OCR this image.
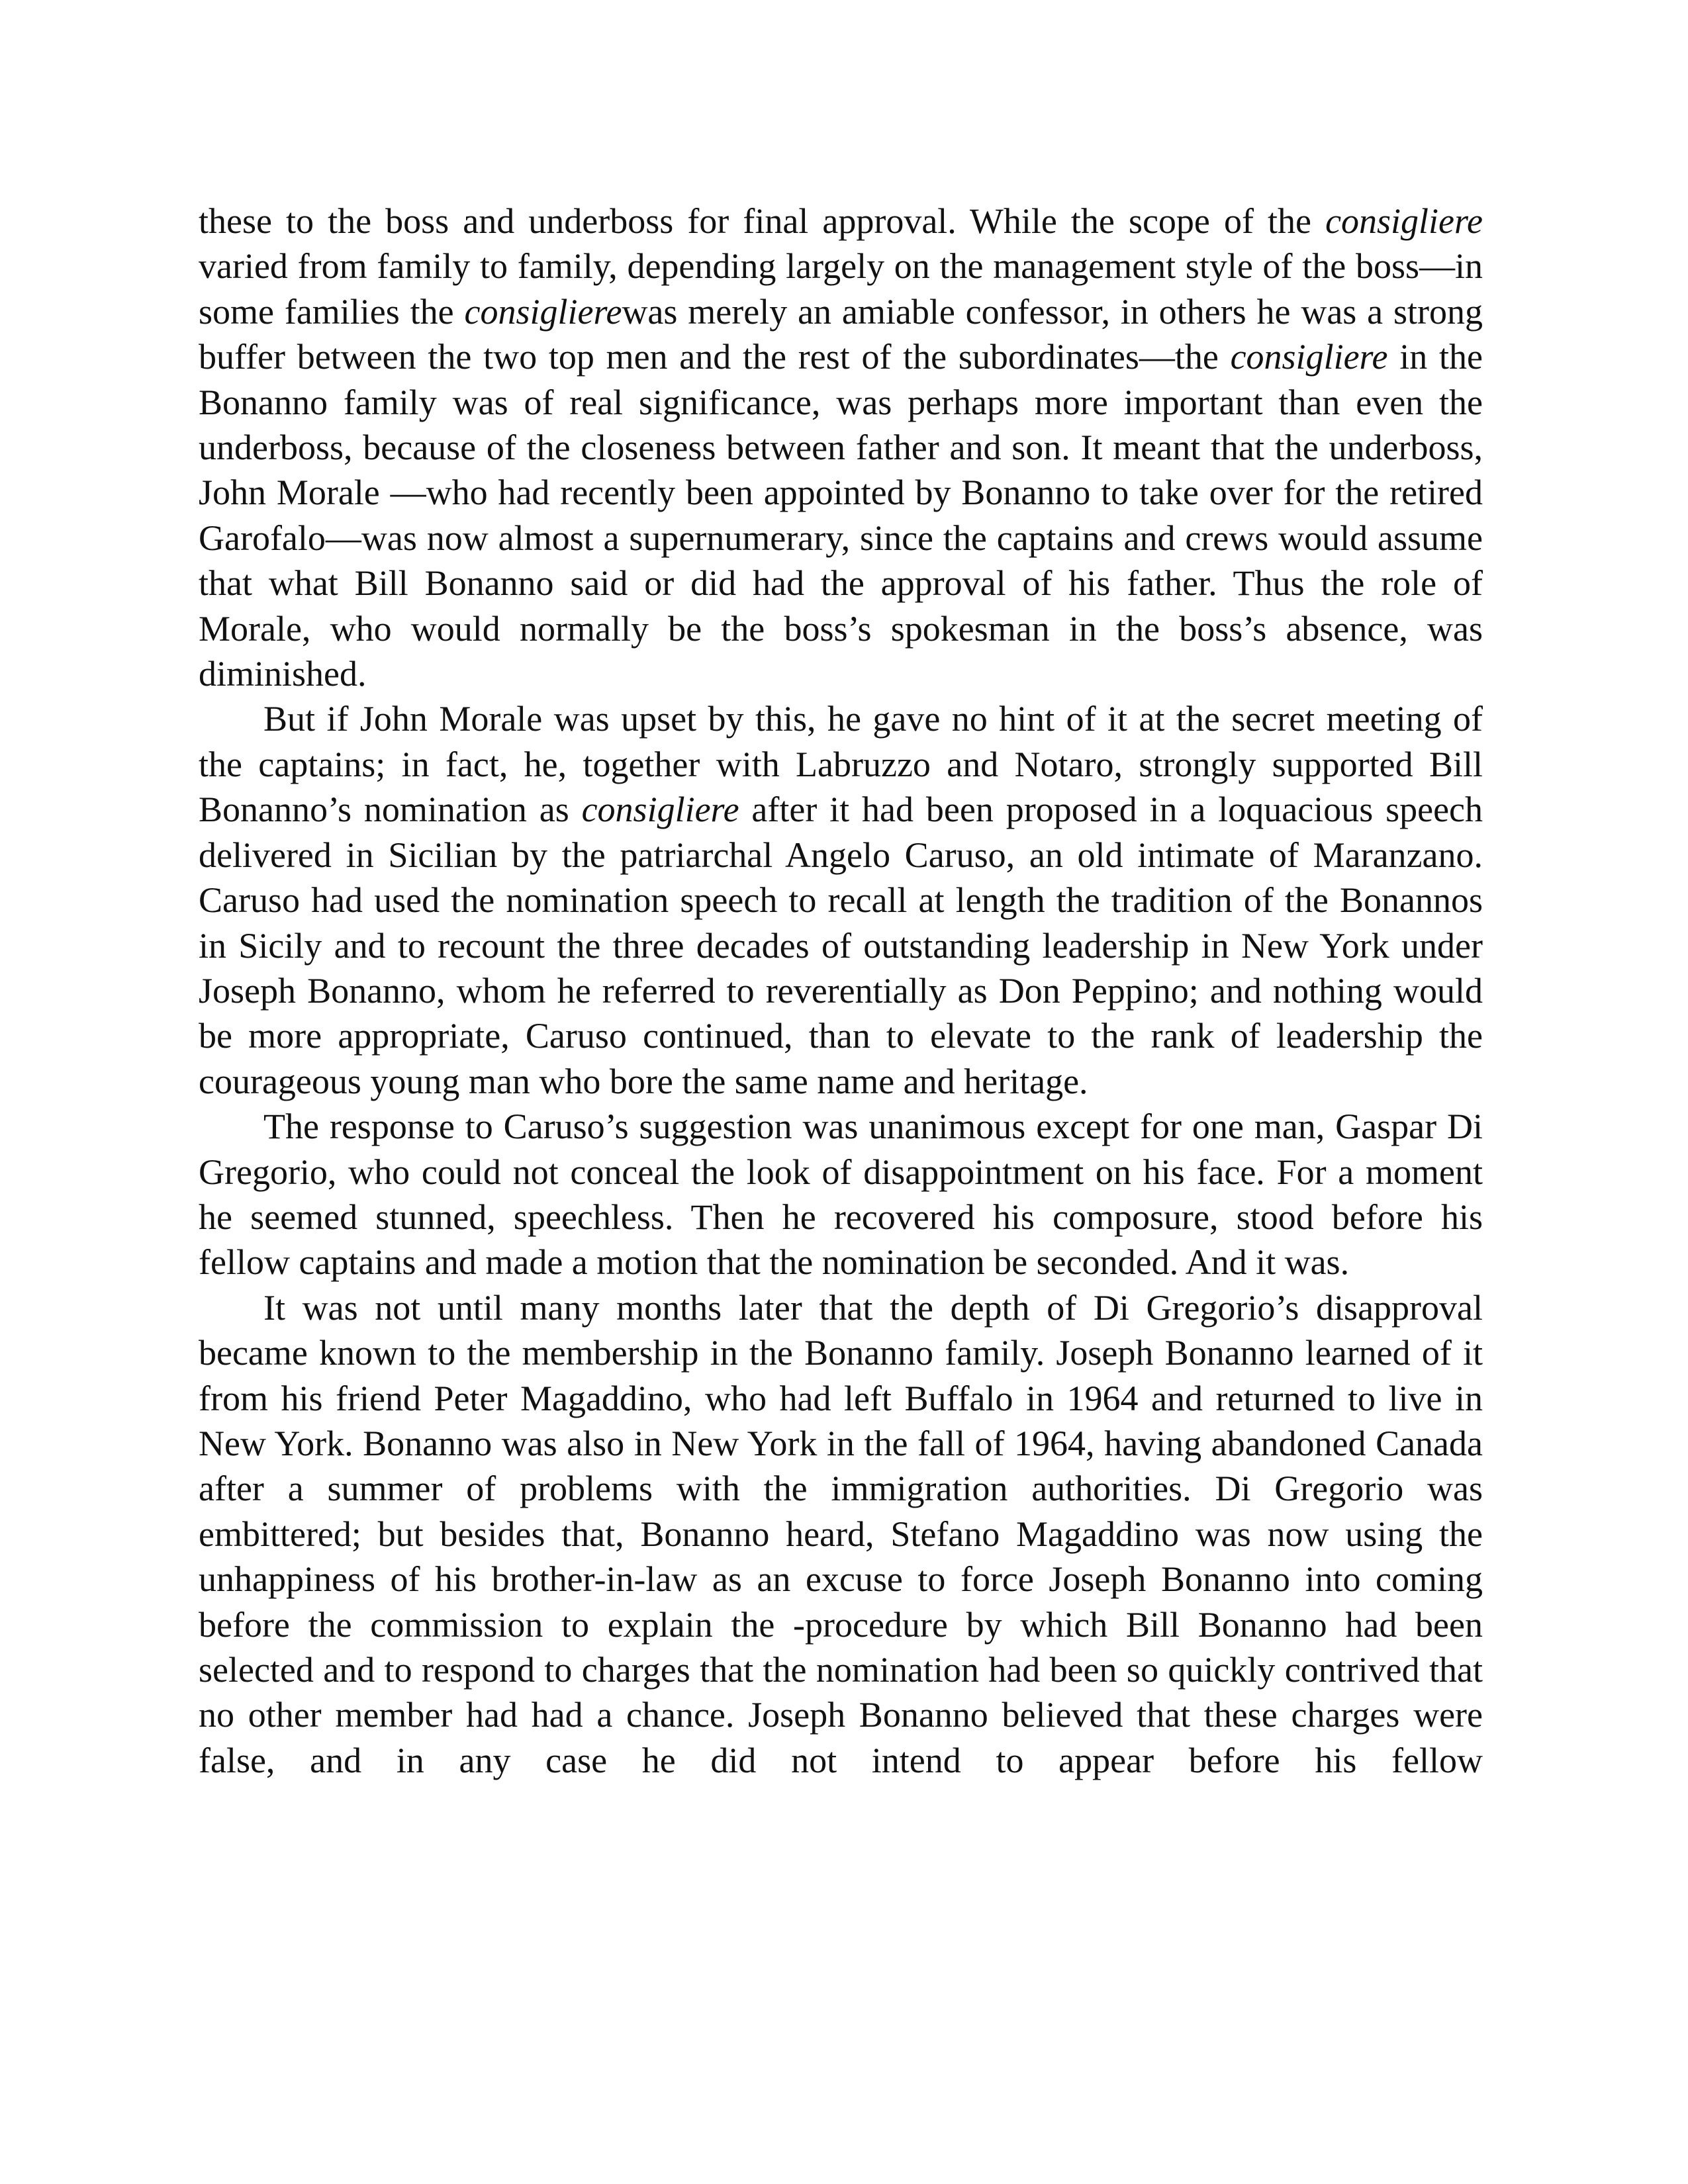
these to the boss and underboss for final approval. While the scope of the consigliere varied from family to family, depending largely on the management style of the boss—in some families the consiglierewas merely an amiable confessor, in others he was a strong buffer between the two top men and the rest of the subordinates—the consigliere in the Bonanno family was of real significance, was perhaps more important than even the underboss, because of the closeness between father and son. It meant that the underboss, John Morale —who had recently been appointed by Bonanno to take over for the retired Garofalo—was now almost a supernumerary, since the captains and crews would assume that what Bill Bonanno said or did had the approval of his father. Thus the role of Morale, who would normally be the boss’s spokesman in the boss’s absence, was diminished.

But if John Morale was upset by this, he gave no hint of it at the secret meeting of the captains; in fact, he, together with Labruzzo and Notaro, strongly supported Bill Bonanno’s nomination as consigliere after it had been proposed in a loquacious speech delivered in Sicilian by the patriarchal Angelo Caruso, an old intimate of Maranzano. Caruso had used the nomination speech to recall at length the tradition of the Bonannos in Sicily and to recount the three decades of outstanding leadership in New York under Joseph Bonanno, whom he referred to reverentially as Don Peppino; and nothing would be more appropriate, Caruso continued, than to elevate to the rank of leadership the courageous young man who bore the same name and heritage.

The response to Caruso’s suggestion was unanimous except for one man, Gaspar Di Gregorio, who could not conceal the look of disappointment on his face. For a moment he seemed stunned, speechless. Then he recovered his composure, stood before his fellow captains and made a motion that the nomination be seconded. And it was.

It was not until many months later that the depth of Di Gregorio’s disapproval became known to the membership in the Bonanno family. Joseph Bonanno learned of it from his friend Peter Magaddino, who had left Buffalo in 1964 and returned to live in New York. Bonanno was also in New York in the fall of 1964, having abandoned Canada after a summer of problems with the immigration authorities. Di Gregorio was embittered; but besides that, Bonanno heard, Stefano Magaddino was now using the unhappiness of his brother-in-law as an excuse to force Joseph Bonanno into coming before the commission to explain the -procedure by which Bill Bonanno had been selected and to respond to charges that the nomination had been so quickly contrived that no other member had had a chance. Joseph Bonanno believed that these charges were false, and in any case he did not intend to appear before his fellow
